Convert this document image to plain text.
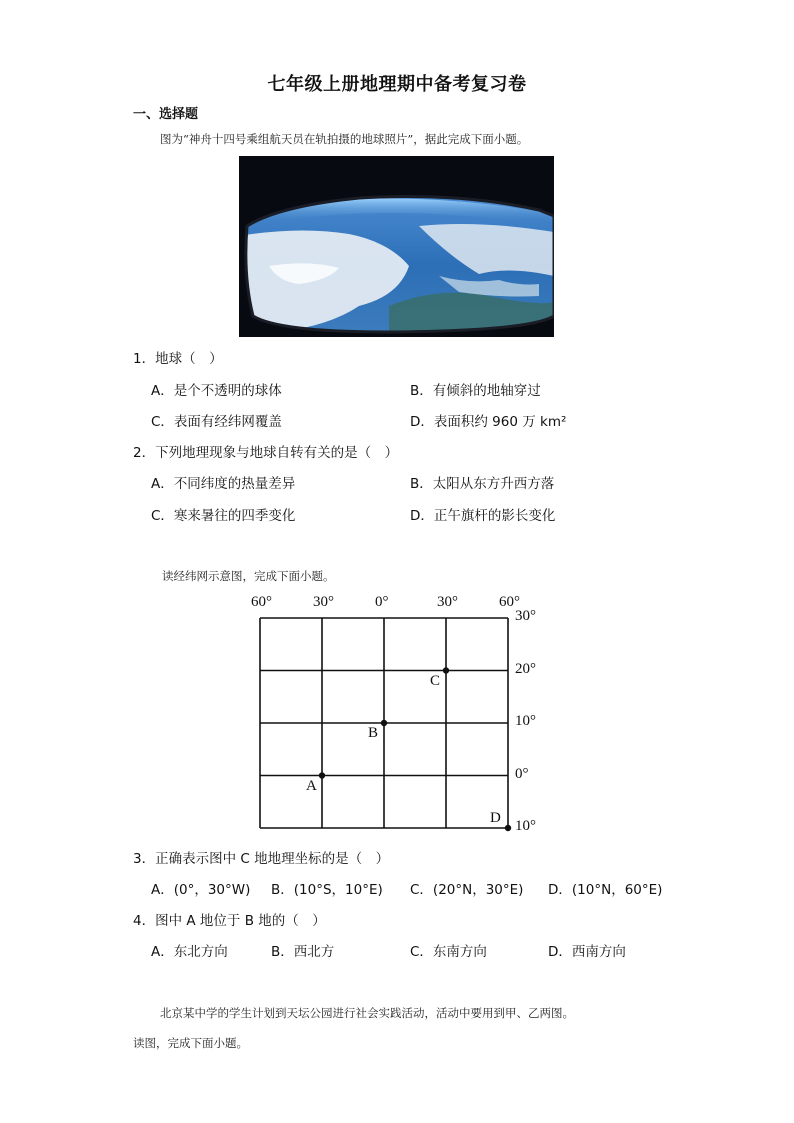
七年级上册地理期中备考复习卷
一、选择题
图为“神舟十四号乘组航天员在轨拍摄的地球照片”，据此完成下面小题。
1．地球（　）
A．是个不透明的球体	B．有倾斜的地轴穿过
C．表面有经纬网覆盖	D．表面积约 960 万 km²
2．下列地理现象与地球自转有关的是（　）
A．不同纬度的热量差异	B．太阳从东方升西方落
C．寒来暑往的四季变化	D．正午旗杆的影长变化
读经纬网示意图，完成下面小题。
60°	30°	0°	30°	60°
30°
20°
10°
0°
10°
A
B
C
D
3．正确表示图中 C 地地理坐标的是（　）
A．(0°，30°W) B．(10°S，10°E) C．(20°N，30°E) D．(10°N，60°E)
4．图中 A 地位于 B 地的（　）
A．东北方向	B．西北方	C．东南方向	D．西南方向
北京某中学的学生计划到天坛公园进行社会实践活动，活动中要用到甲、乙两图。
读图，完成下面小题。
